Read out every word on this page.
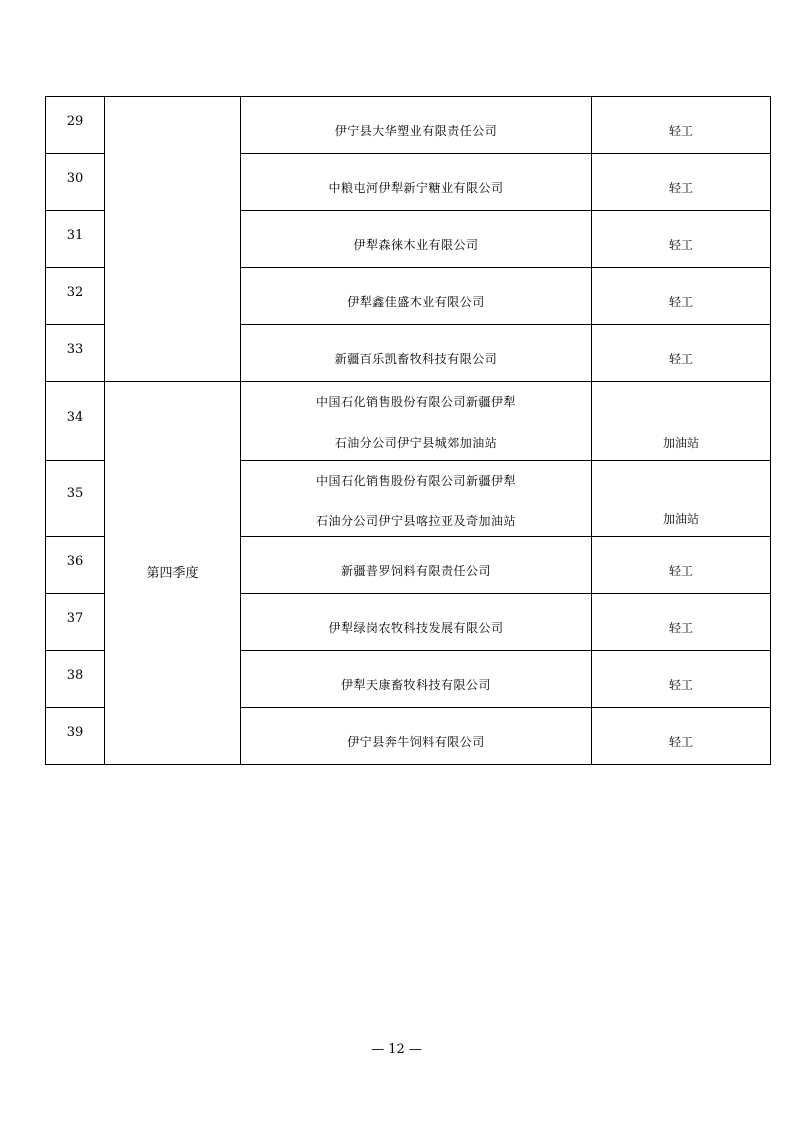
29		伊宁县大华塑业有限责任公司	轻工
30		中粮屯河伊犁新宁糖业有限公司	轻工
31		伊犁森徕木业有限公司	轻工
32		伊犁鑫佳盛木业有限公司	轻工
33		新疆百乐凯畜牧科技有限公司	轻工
34	第四季度	中国石化销售股份有限公司新疆伊犁
石油分公司伊宁县城郊加油站	加油站
35		中国石化销售股份有限公司新疆伊犁
石油分公司伊宁县喀拉亚及奇加油站	加油站
36		新疆普罗饲料有限责任公司	轻工
37		伊犁绿岗农牧科技发展有限公司	轻工
38		伊犁天康畜牧科技有限公司	轻工
39		伊宁县奔牛饲料有限公司	轻工
— 12 —
